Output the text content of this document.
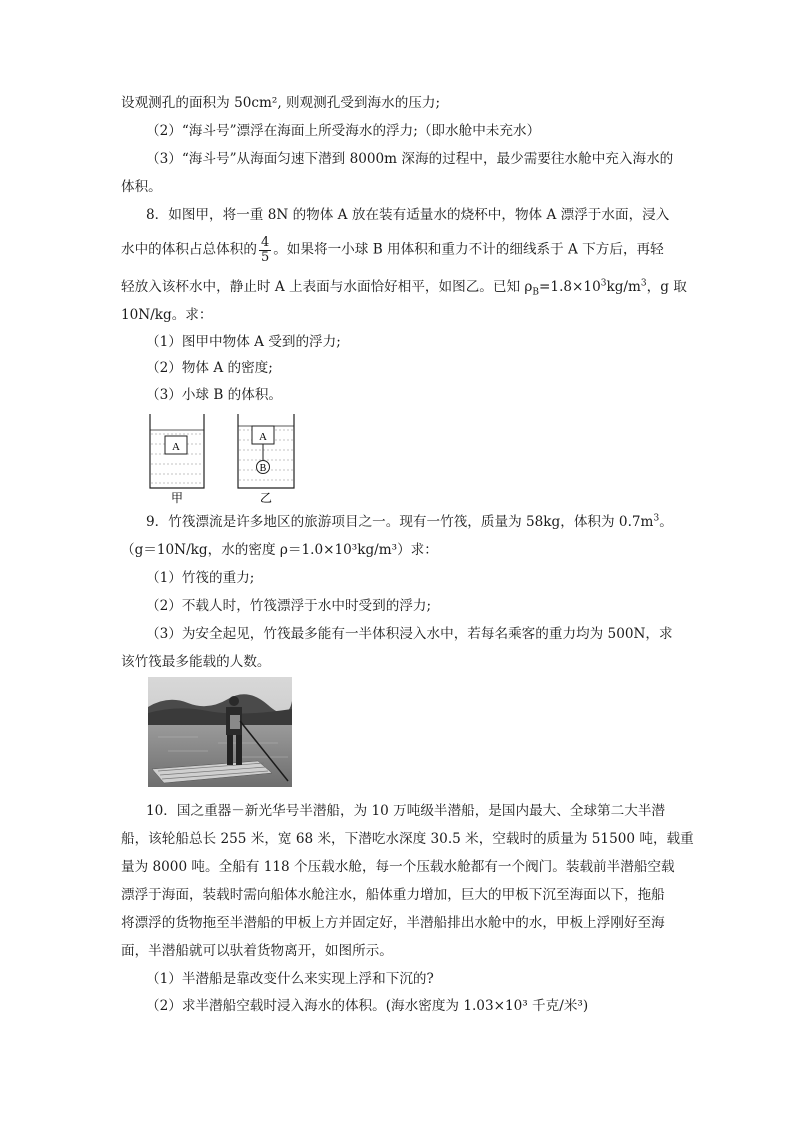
设观测孔的面积为 50cm², 则观测孔受到海水的压力;
（2）“海斗号”漂浮在海面上所受海水的浮力;（即水舱中未充水）
（3）“海斗号”从海面匀速下潜到 8000m 深海的过程中，最少需要往水舱中充入海水的
体积。
8．如图甲，将一重 8N 的物体 A 放在装有适量水的烧杯中，物体 A 漂浮于水面，浸入
水中的体积占总体积的 $\frac{4}{5}$ 。如果将一小球 B 用体积和重力不计的细线系于 A 下方后，再轻
轻放入该杯水中，静止时 A 上表面与水面恰好相平，如图乙。已知 $\rho_B=1.8\times 10^3kg/m^3$，g 取
10N/kg。求：
（1）图甲中物体 A 受到的浮力;
（2）物体 A 的密度;
（3）小球 B 的体积。
A
A
B
甲	乙
9．竹筏漂流是许多地区的旅游项目之一。现有一竹筏，质量为 58kg，体积为 $0.7m^3$。
（g＝10N/kg，水的密度 ρ＝1.0×10³kg/m³）求：
（1）竹筏的重力;
（2）不载人时，竹筏漂浮于水中时受到的浮力;
（3）为安全起见，竹筏最多能有一半体积浸入水中，若每名乘客的重力均为 500N，求
该竹筏最多能载的人数。
10．国之重器－新光华号半潜船，为 10 万吨级半潜船，是国内最大、全球第二大半潜
船，该轮船总长 255 米，宽 68 米，下潜吃水深度 30.5 米，空载时的质量为 51500 吨，载重
量为 8000 吨。全船有 118 个压载水舱，每一个压载水舱都有一个阀门。装载前半潜船空载
漂浮于海面，装载时需向船体水舱注水，船体重力增加，巨大的甲板下沉至海面以下，拖船
将漂浮的货物拖至半潜船的甲板上方并固定好，半潜船排出水舱中的水，甲板上浮刚好至海
面，半潜船就可以驮着货物离开，如图所示。
（1）半潜船是靠改变什么来实现上浮和下沉的?
（2）求半潜船空载时浸入海水的体积。(海水密度为 1.03×10³ 千克/米³)
